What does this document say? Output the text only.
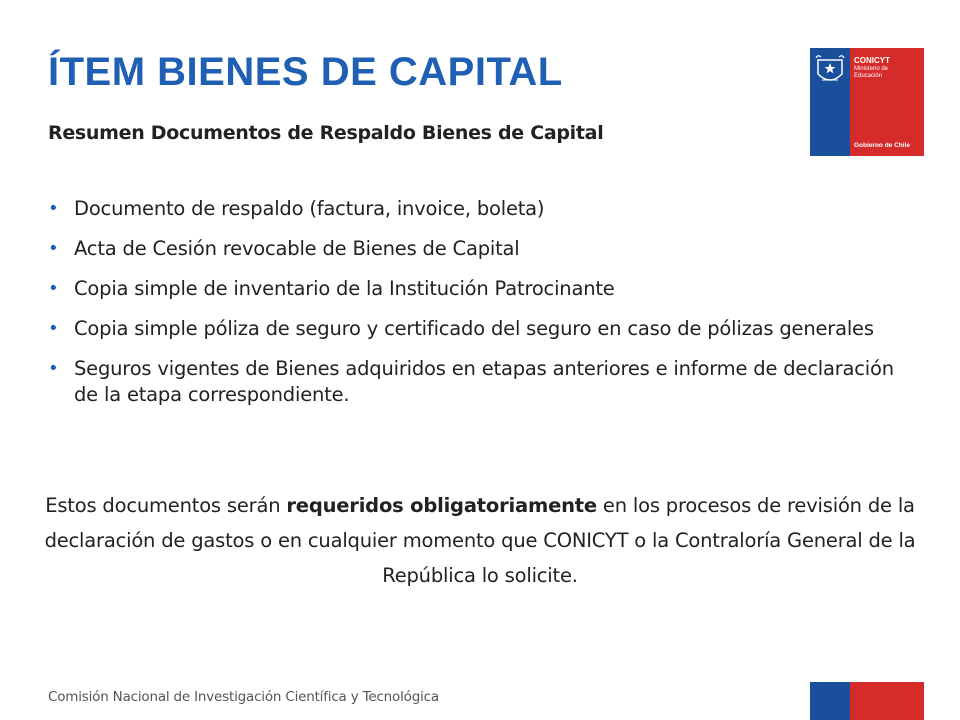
ÍTEM BIENES DE CAPITAL
Resumen Documentos de Respaldo Bienes de Capital
CONICYT
Ministerio de
Educación
Gobierno de Chile
• Documento de respaldo (factura, invoice, boleta)
• Acta de Cesión revocable de Bienes de Capital
• Copia simple de inventario de la Institución Patrocinante
• Copia simple póliza de seguro y certificado del seguro en caso de pólizas generales
• Seguros vigentes de Bienes adquiridos en etapas anteriores e informe de declaración de la etapa correspondiente.
Estos documentos serán requeridos obligatoriamente en los procesos de revisión de la declaración de gastos o en cualquier momento que CONICYT o la Contraloría General de la República lo solicite.
Comisión Nacional de Investigación Científica y Tecnológica
